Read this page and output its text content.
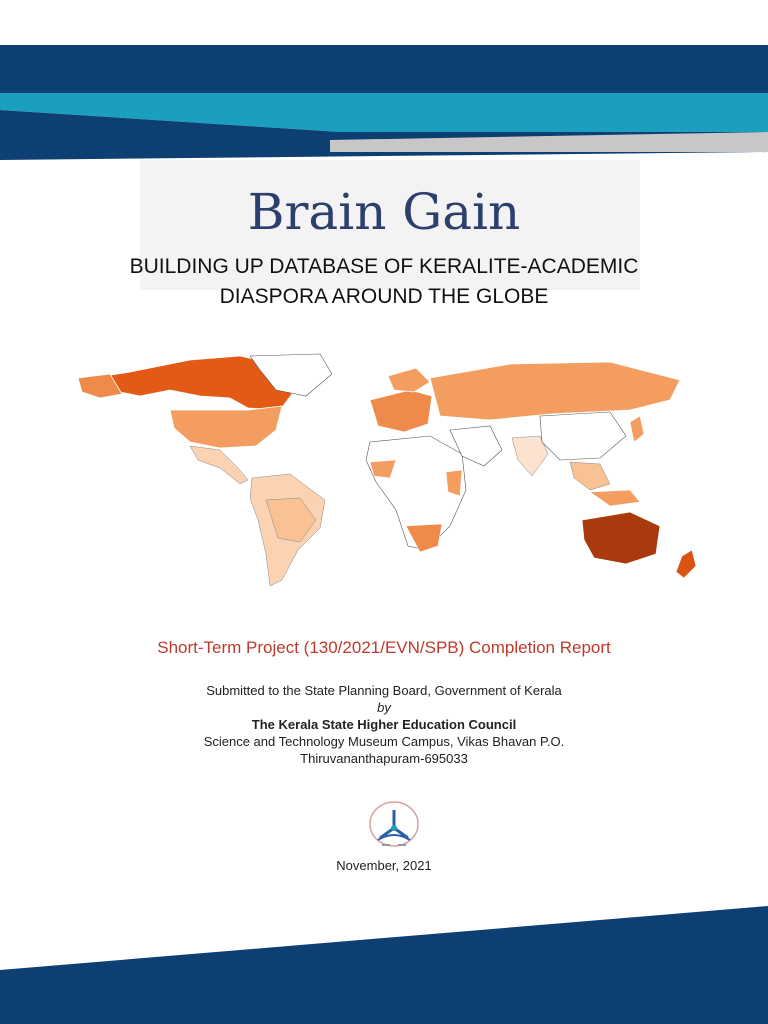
Brain Gain
BUILDING UP DATABASE OF KERALITE-ACADEMIC
DIASPORA AROUND THE GLOBE
Short-Term Project (130/2021/EVN/SPB) Completion Report
Submitted to the State Planning Board, Government of Kerala
by
The Kerala State Higher Education Council
Science and Technology Museum Campus, Vikas Bhavan P.O.
Thiruvananthapuram-695033
November, 2021
